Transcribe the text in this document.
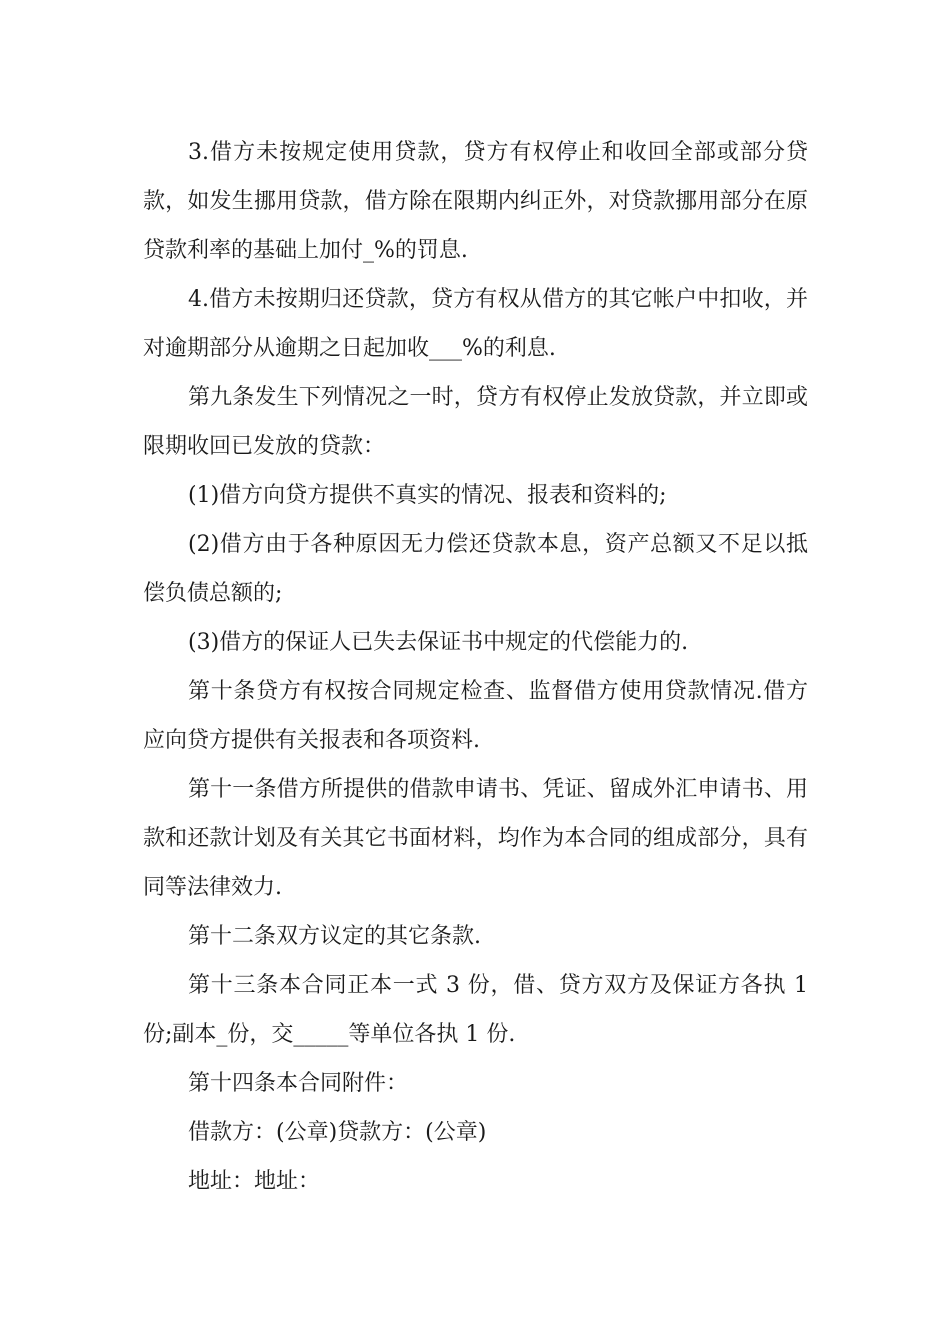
3.借方未按规定使用贷款，贷方有权停止和收回全部或部分贷款，如发生挪用贷款，借方除在限期内纠正外，对贷款挪用部分在原贷款利率的基础上加付_%的罚息.

4.借方未按期归还贷款，贷方有权从借方的其它帐户中扣收，并对逾期部分从逾期之日起加收___%的利息.

第九条发生下列情况之一时，贷方有权停止发放贷款，并立即或限期收回已发放的贷款：

(1)借方向贷方提供不真实的情况、报表和资料的;

(2)借方由于各种原因无力偿还贷款本息，资产总额又不足以抵偿负债总额的;

(3)借方的保证人已失去保证书中规定的代偿能力的.

第十条贷方有权按合同规定检查、监督借方使用贷款情况.借方应向贷方提供有关报表和各项资料.

第十一条借方所提供的借款申请书、凭证、留成外汇申请书、用款和还款计划及有关其它书面材料，均作为本合同的组成部分，具有同等法律效力.

第十二条双方议定的其它条款.

第十三条本合同正本一式 3 份，借、贷方双方及保证方各执 1 份;副本_份，交_____等单位各执 1 份.

第十四条本合同附件：

借款方：(公章)贷款方：(公章)

地址：地址：
